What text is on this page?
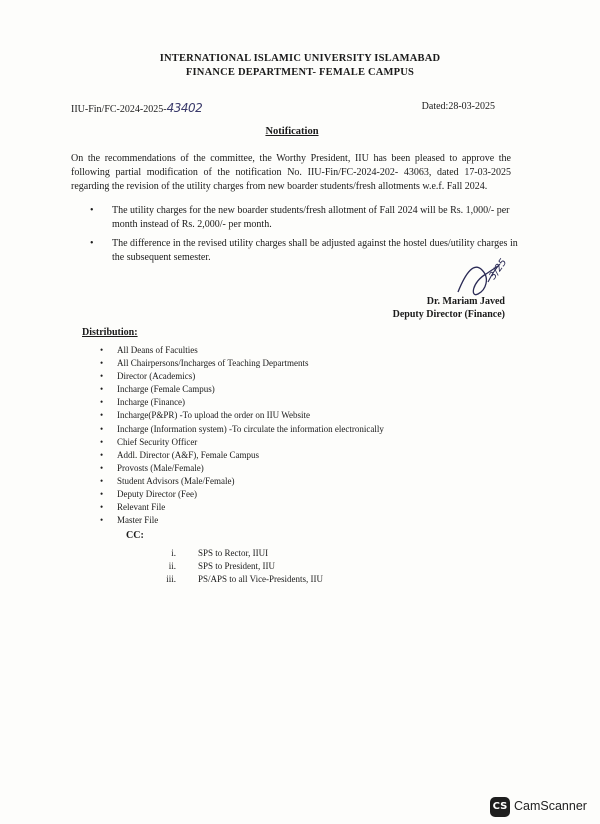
INTERNATIONAL ISLAMIC UNIVERSITY ISLAMABAD
FINANCE DEPARTMENT- FEMALE CAMPUS
IIU-Fin/FC-2024-2025-43402	Dated:28-03-2025
Notification
On the recommendations of the committee, the Worthy President, IIU has been pleased to approve the following partial modification of the notification No. IIU-Fin/FC-2024-202- 43063, dated 17-03-2025 regarding the revision of the utility charges from new boarder students/fresh allotments w.e.f. Fall 2024.
• The utility charges for the new boarder students/fresh allotment of Fall 2024 will be Rs. 1,000/- per month instead of Rs. 2,000/- per month.
• The difference in the revised utility charges shall be adjusted against the hostel dues/utility charges in the subsequent semester.	3/25
Dr. Mariam Javed
Deputy Director (Finance)
Distribution:
• All Deans of Faculties
• All Chairpersons/Incharges of Teaching Departments
• Director (Academics)
• Incharge (Female Campus)
• Incharge (Finance)
• Incharge(P&PR) -To upload the order on IIU Website
• Incharge (Information system) -To circulate the information electronically
• Chief Security Officer
• Addl. Director (A&F), Female Campus
• Provosts (Male/Female)
• Student Advisors (Male/Female)
• Deputy Director (Fee)
• Relevant File
• Master File
CC:
i. SPS to Rector, IIUI
ii. SPS to President, IIU
iii. PS/APS to all Vice-Presidents, IIU
CS CamScanner
